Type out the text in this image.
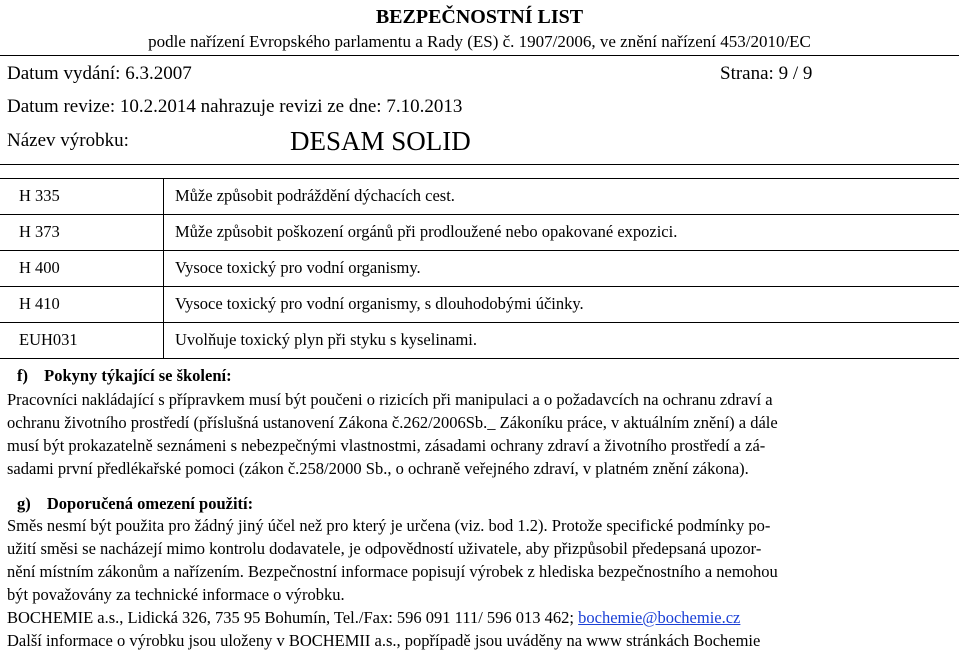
BEZPEČNOSTNÍ LIST
podle nařízení Evropského parlamentu a Rady (ES) č. 1907/2006, ve znění nařízení 453/2010/EC
Datum vydání: 6.3.2007	Strana: 9 / 9
Datum revize: 10.2.2014 nahrazuje revizi ze dne: 7.10.2013
Název výrobku:	DESAM SOLID
H 335	Může způsobit podráždění dýchacích cest.
H 373	Může způsobit poškození orgánů při prodloužené nebo opakované expozici.
H 400	Vysoce toxický pro vodní organismy.
H 410	Vysoce toxický pro vodní organismy, s dlouhodobými účinky.
EUH031	Uvolňuje toxický plyn při styku s kyselinami.
f) Pokyny týkající se školení:
Pracovníci nakládající s přípravkem musí být poučeni o rizicích při manipulaci a o požadavcích na ochranu zdraví a
ochranu životního prostředí (příslušná ustanovení Zákona č.262/2006Sb._ Zákoníku práce, v aktuálním znění) a dále
musí být prokazatelně seznámeni s nebezpečnými vlastnostmi, zásadami ochrany zdraví a životního prostředí a zá-
sadami první předlékařské pomoci (zákon č.258/2000 Sb., o ochraně veřejného zdraví, v platném znění zákona).
g) Doporučená omezení použití:
Směs nesmí být použita pro žádný jiný účel než pro který je určena (viz. bod 1.2). Protože specifické podmínky po-
užití směsi se nacházejí mimo kontrolu dodavatele, je odpovědností uživatele, aby přizpůsobil předepsaná upozor-
nění místním zákonům a nařízením. Bezpečnostní informace popisují výrobek z hlediska bezpečnostního a nemohou
být považovány za technické informace o výrobku.
BOCHEMIE a.s., Lidická 326, 735 95 Bohumín, Tel./Fax: 596 091 111/ 596 013 462; bochemie@bochemie.cz
Další informace o výrobku jsou uloženy v BOCHEMII a.s., popřípadě jsou uváděny na www stránkách Bochemie
